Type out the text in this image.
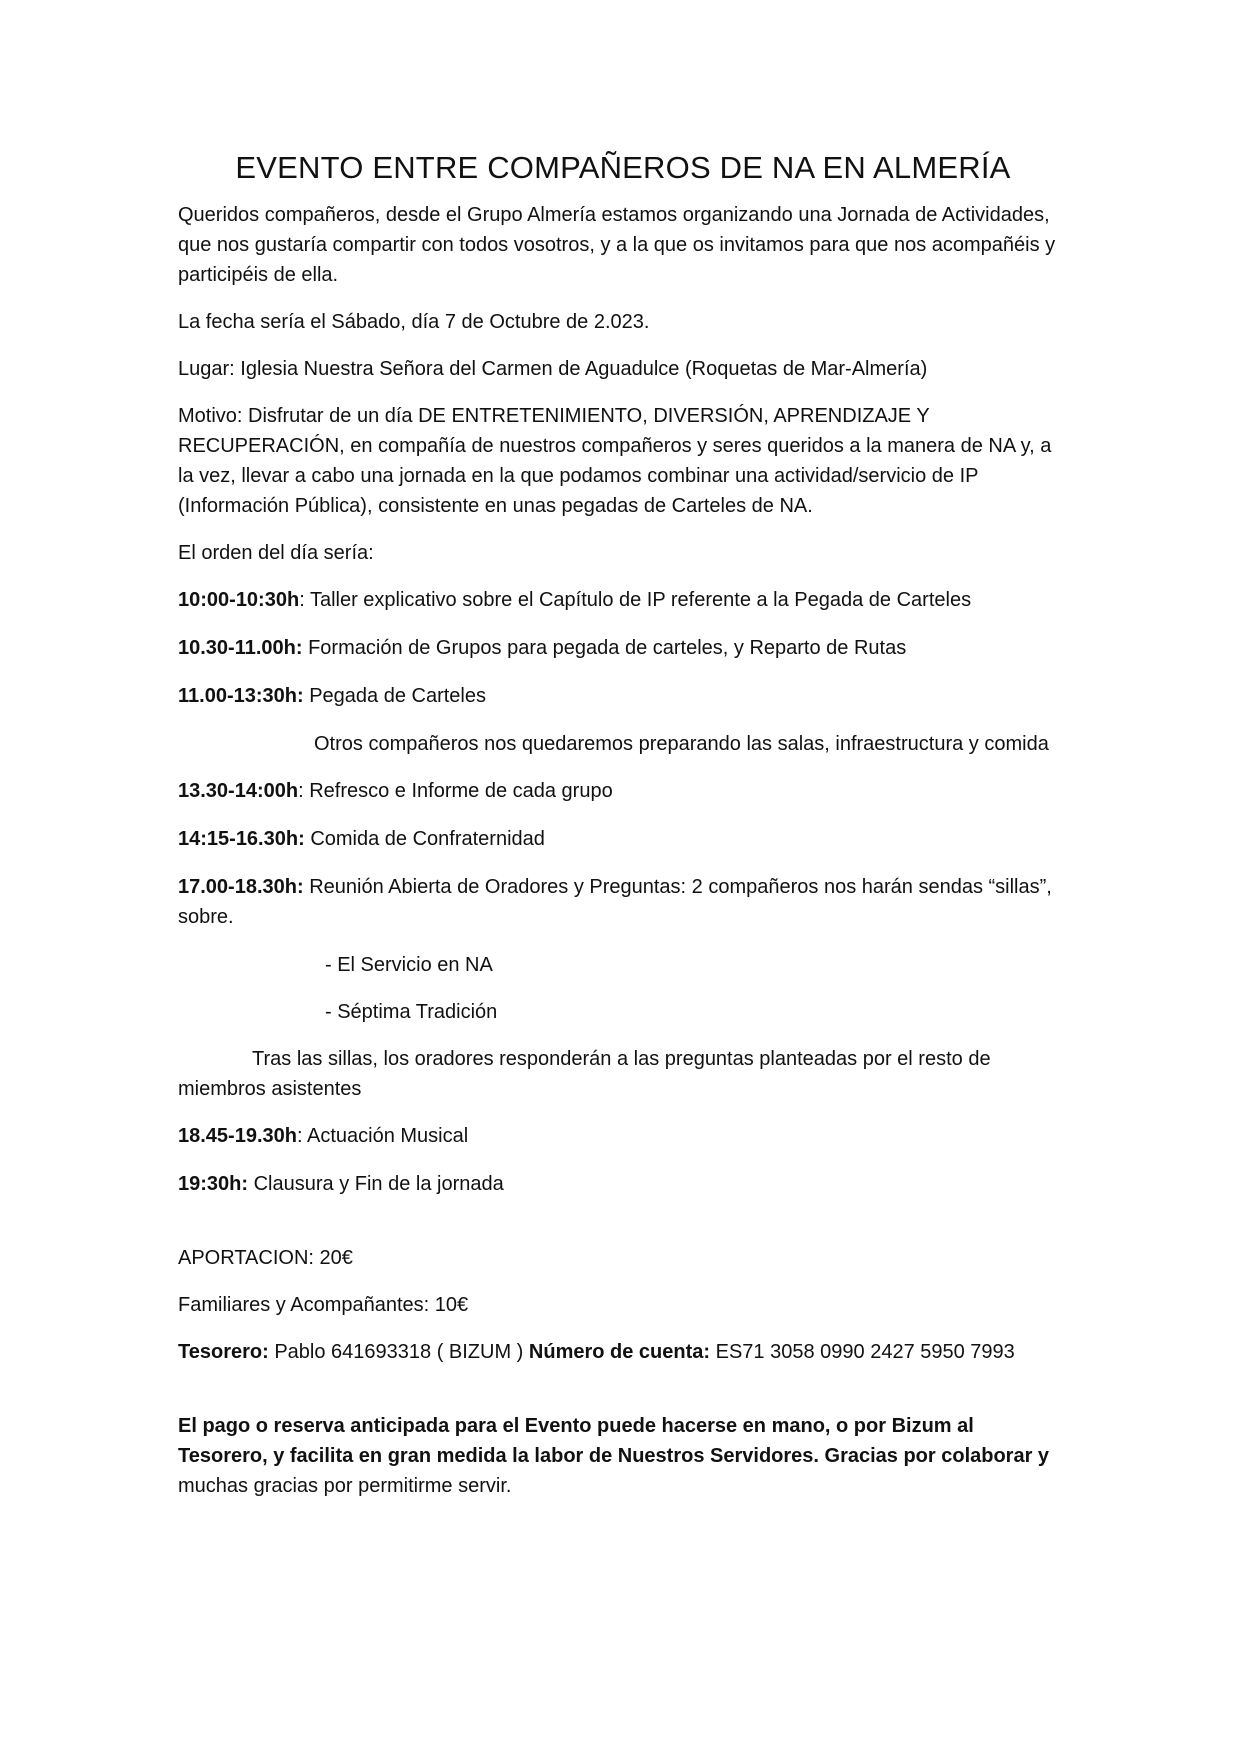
EVENTO ENTRE COMPAÑEROS DE NA EN ALMERÍA

Queridos compañeros, desde el Grupo Almería estamos organizando una Jornada de Actividades, que nos gustaría compartir con todos vosotros, y a la que os invitamos para que nos acompañéis y participéis de ella.

La fecha sería el Sábado, día 7 de Octubre de 2.023.

Lugar: Iglesia Nuestra Señora del Carmen de Aguadulce (Roquetas de Mar-Almería)

Motivo: Disfrutar de un día DE ENTRETENIMIENTO, DIVERSIÓN, APRENDIZAJE Y RECUPERACIÓN, en compañía de nuestros compañeros y seres queridos a la manera de NA y, a la vez, llevar a cabo una jornada en la que podamos combinar una actividad/servicio de IP (Información Pública), consistente en unas pegadas de Carteles de NA.

El orden del día sería:

10:00-10:30h: Taller explicativo sobre el Capítulo de IP referente a la Pegada de Carteles

10.30-11.00h: Formación de Grupos para pegada de carteles, y Reparto de Rutas

11.00-13:30h: Pegada de Carteles

Otros compañeros nos quedaremos preparando las salas, infraestructura y comida

13.30-14:00h: Refresco e Informe de cada grupo

14:15-16.30h: Comida de Confraternidad

17.00-18.30h: Reunión Abierta de Oradores y Preguntas: 2 compañeros nos harán sendas “sillas”, sobre.

- El Servicio en NA

- Séptima Tradición

Tras las sillas, los oradores responderán a las preguntas planteadas por el resto de miembros asistentes

18.45-19.30h: Actuación Musical

19:30h: Clausura y Fin de la jornada

APORTACION: 20€

Familiares y Acompañantes: 10€

Tesorero: Pablo 641693318 ( BIZUM ) Número de cuenta: ES71 3058 0990 2427 5950 7993

El pago o reserva anticipada para el Evento puede hacerse en mano, o por Bizum al Tesorero, y facilita en gran medida la labor de Nuestros Servidores. Gracias por colaborar y muchas gracias por permitirme servir.
